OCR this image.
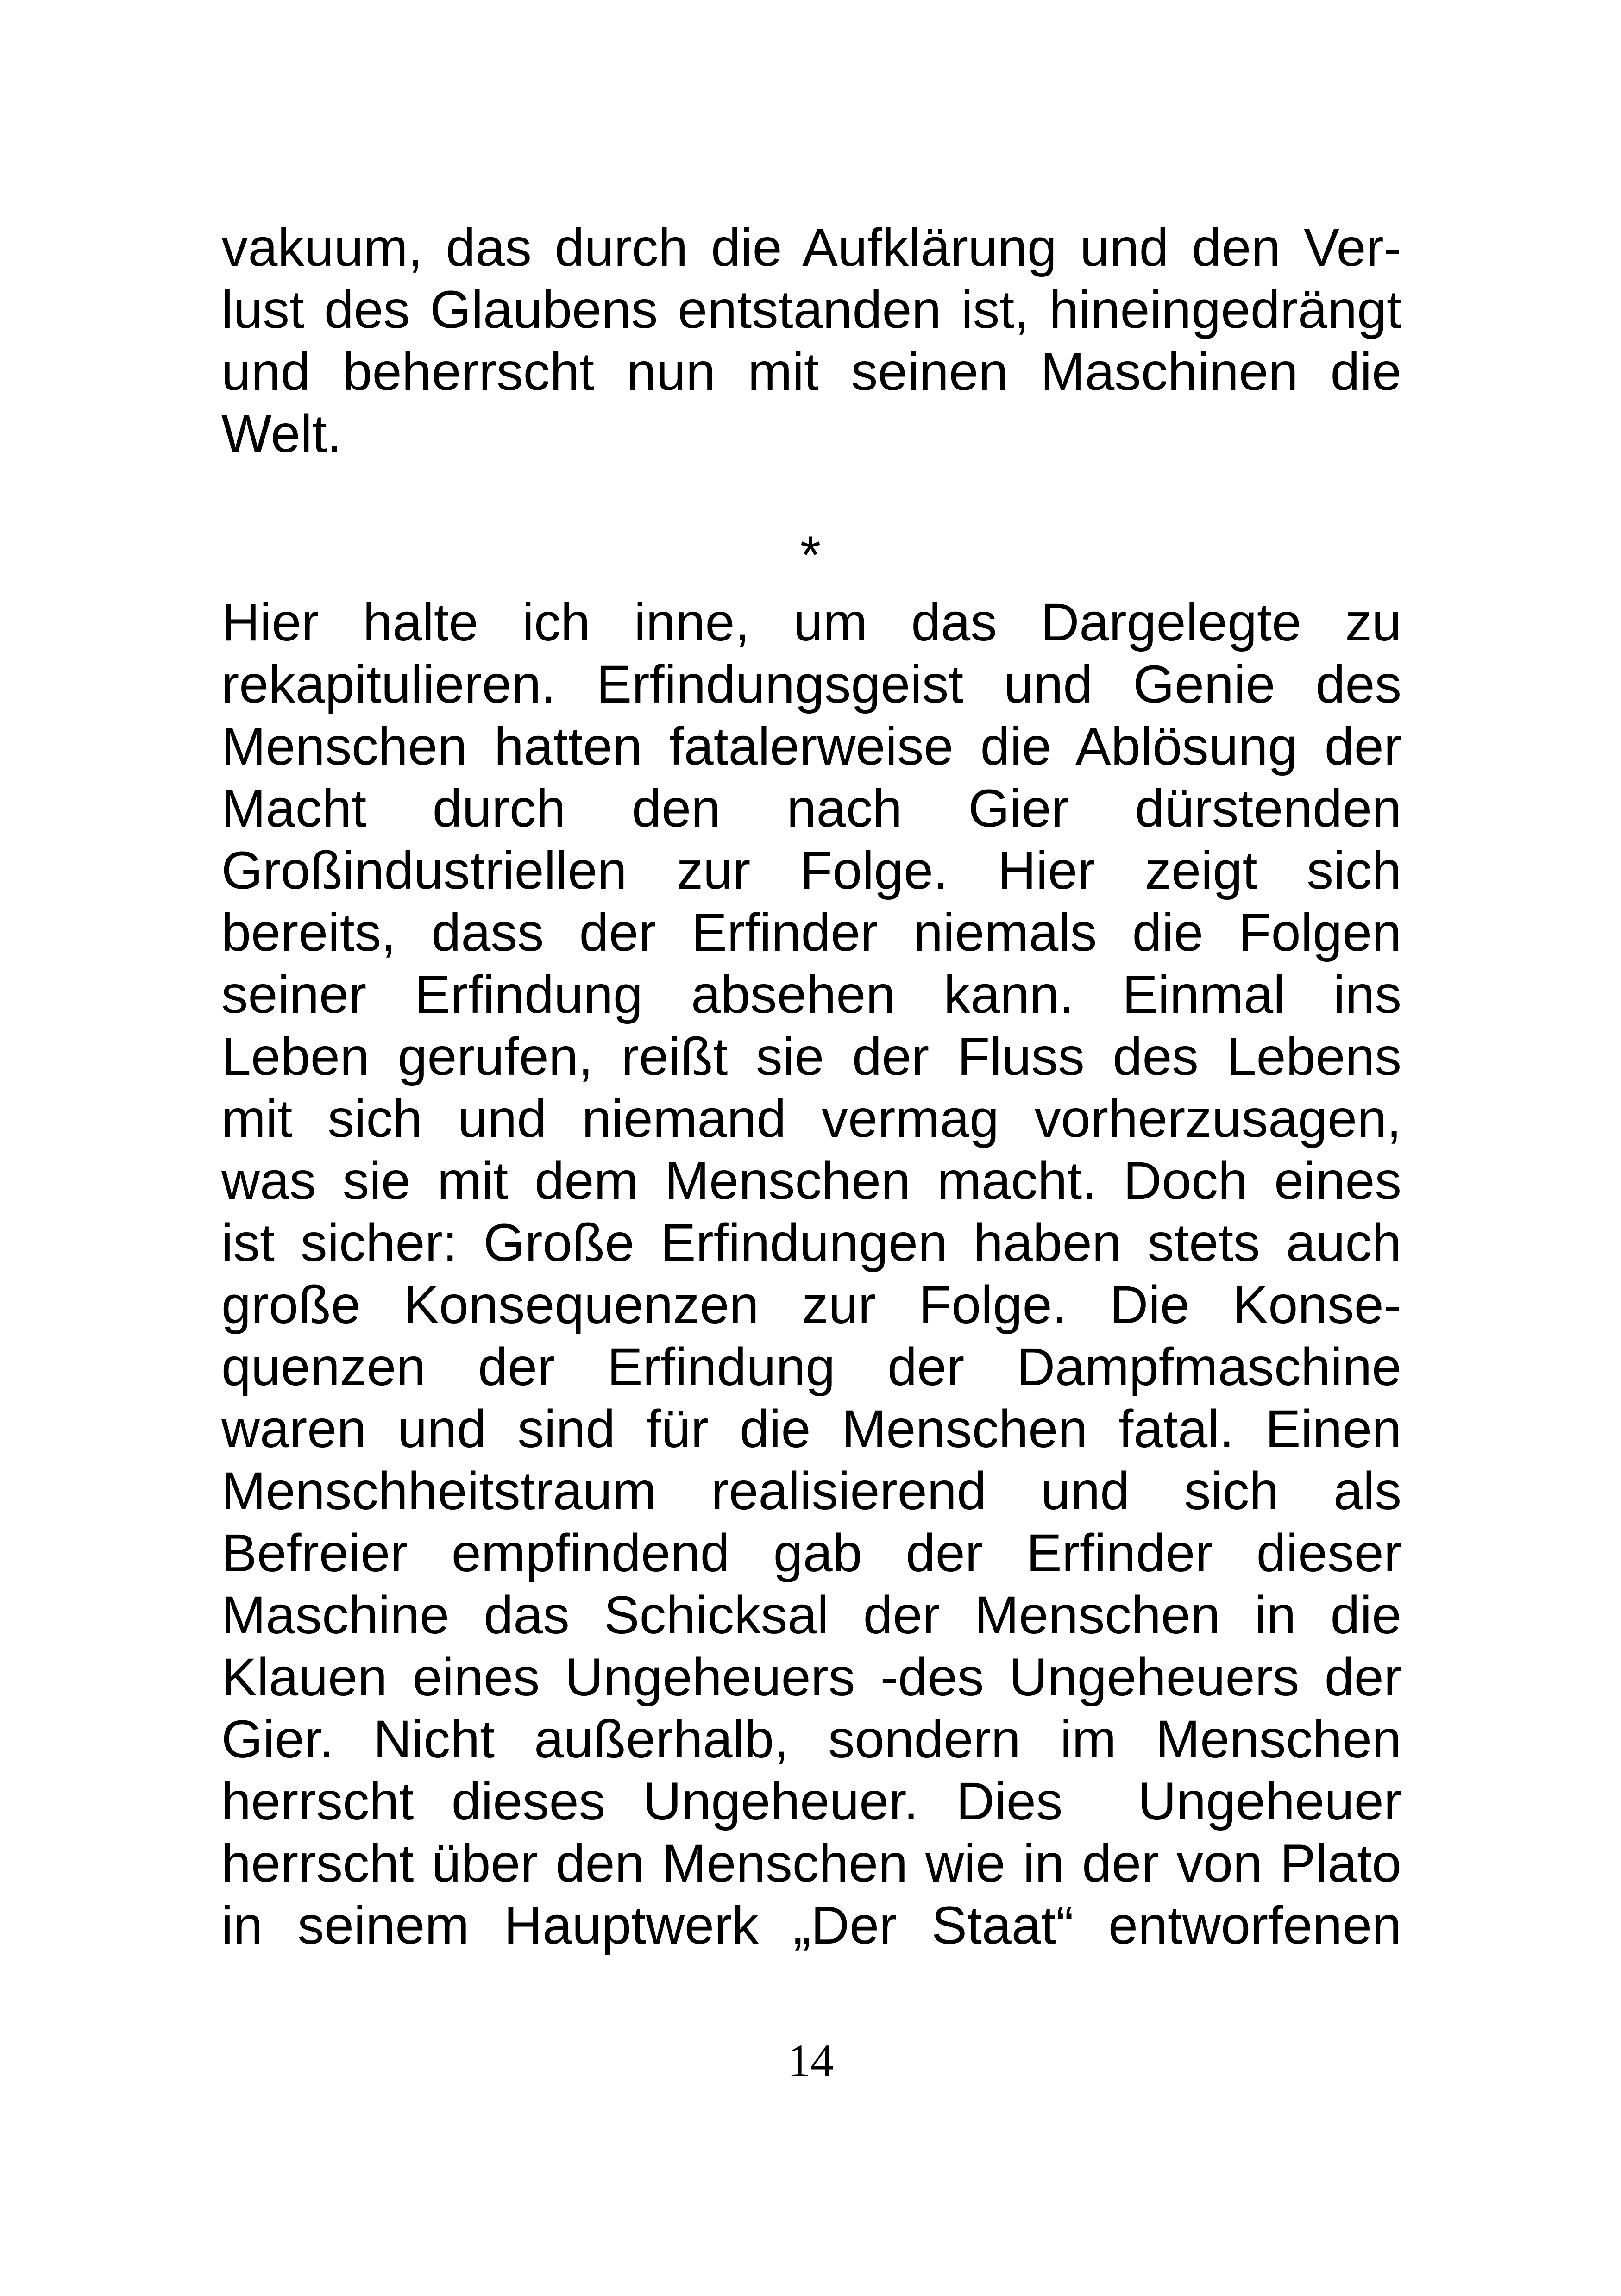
vakuum, das durch die Aufklärung und den Ver-
lust des Glaubens entstanden ist, hineingedrängt
und beherrscht nun mit seinen Maschinen die
Welt.
*
Hier halte ich inne, um das Dargelegte zu
rekapitulieren. Erfindungsgeist und Genie des
Menschen hatten fatalerweise die Ablösung der
Macht durch den nach Gier dürstenden
Großindustriellen zur Folge. Hier zeigt sich
bereits, dass der Erfinder niemals die Folgen
seiner Erfindung absehen kann. Einmal ins
Leben gerufen, reißt sie der Fluss des Lebens
mit sich und niemand vermag vorherzusagen,
was sie mit dem Menschen macht. Doch eines
ist sicher: Große Erfindungen haben stets auch
große Konsequenzen zur Folge. Die Konse-
quenzen der Erfindung der Dampfmaschine
waren und sind für die Menschen fatal. Einen
Menschheitstraum realisierend und sich als
Befreier empfindend gab der Erfinder dieser
Maschine das Schicksal der Menschen in die
Klauen eines Ungeheuers -des Ungeheuers der
Gier. Nicht außerhalb, sondern im Menschen
herrscht dieses Ungeheuer. Dies  Ungeheuer
herrscht über den Menschen wie in der von Plato
in seinem Hauptwerk „Der Staat“ entworfenen
14
